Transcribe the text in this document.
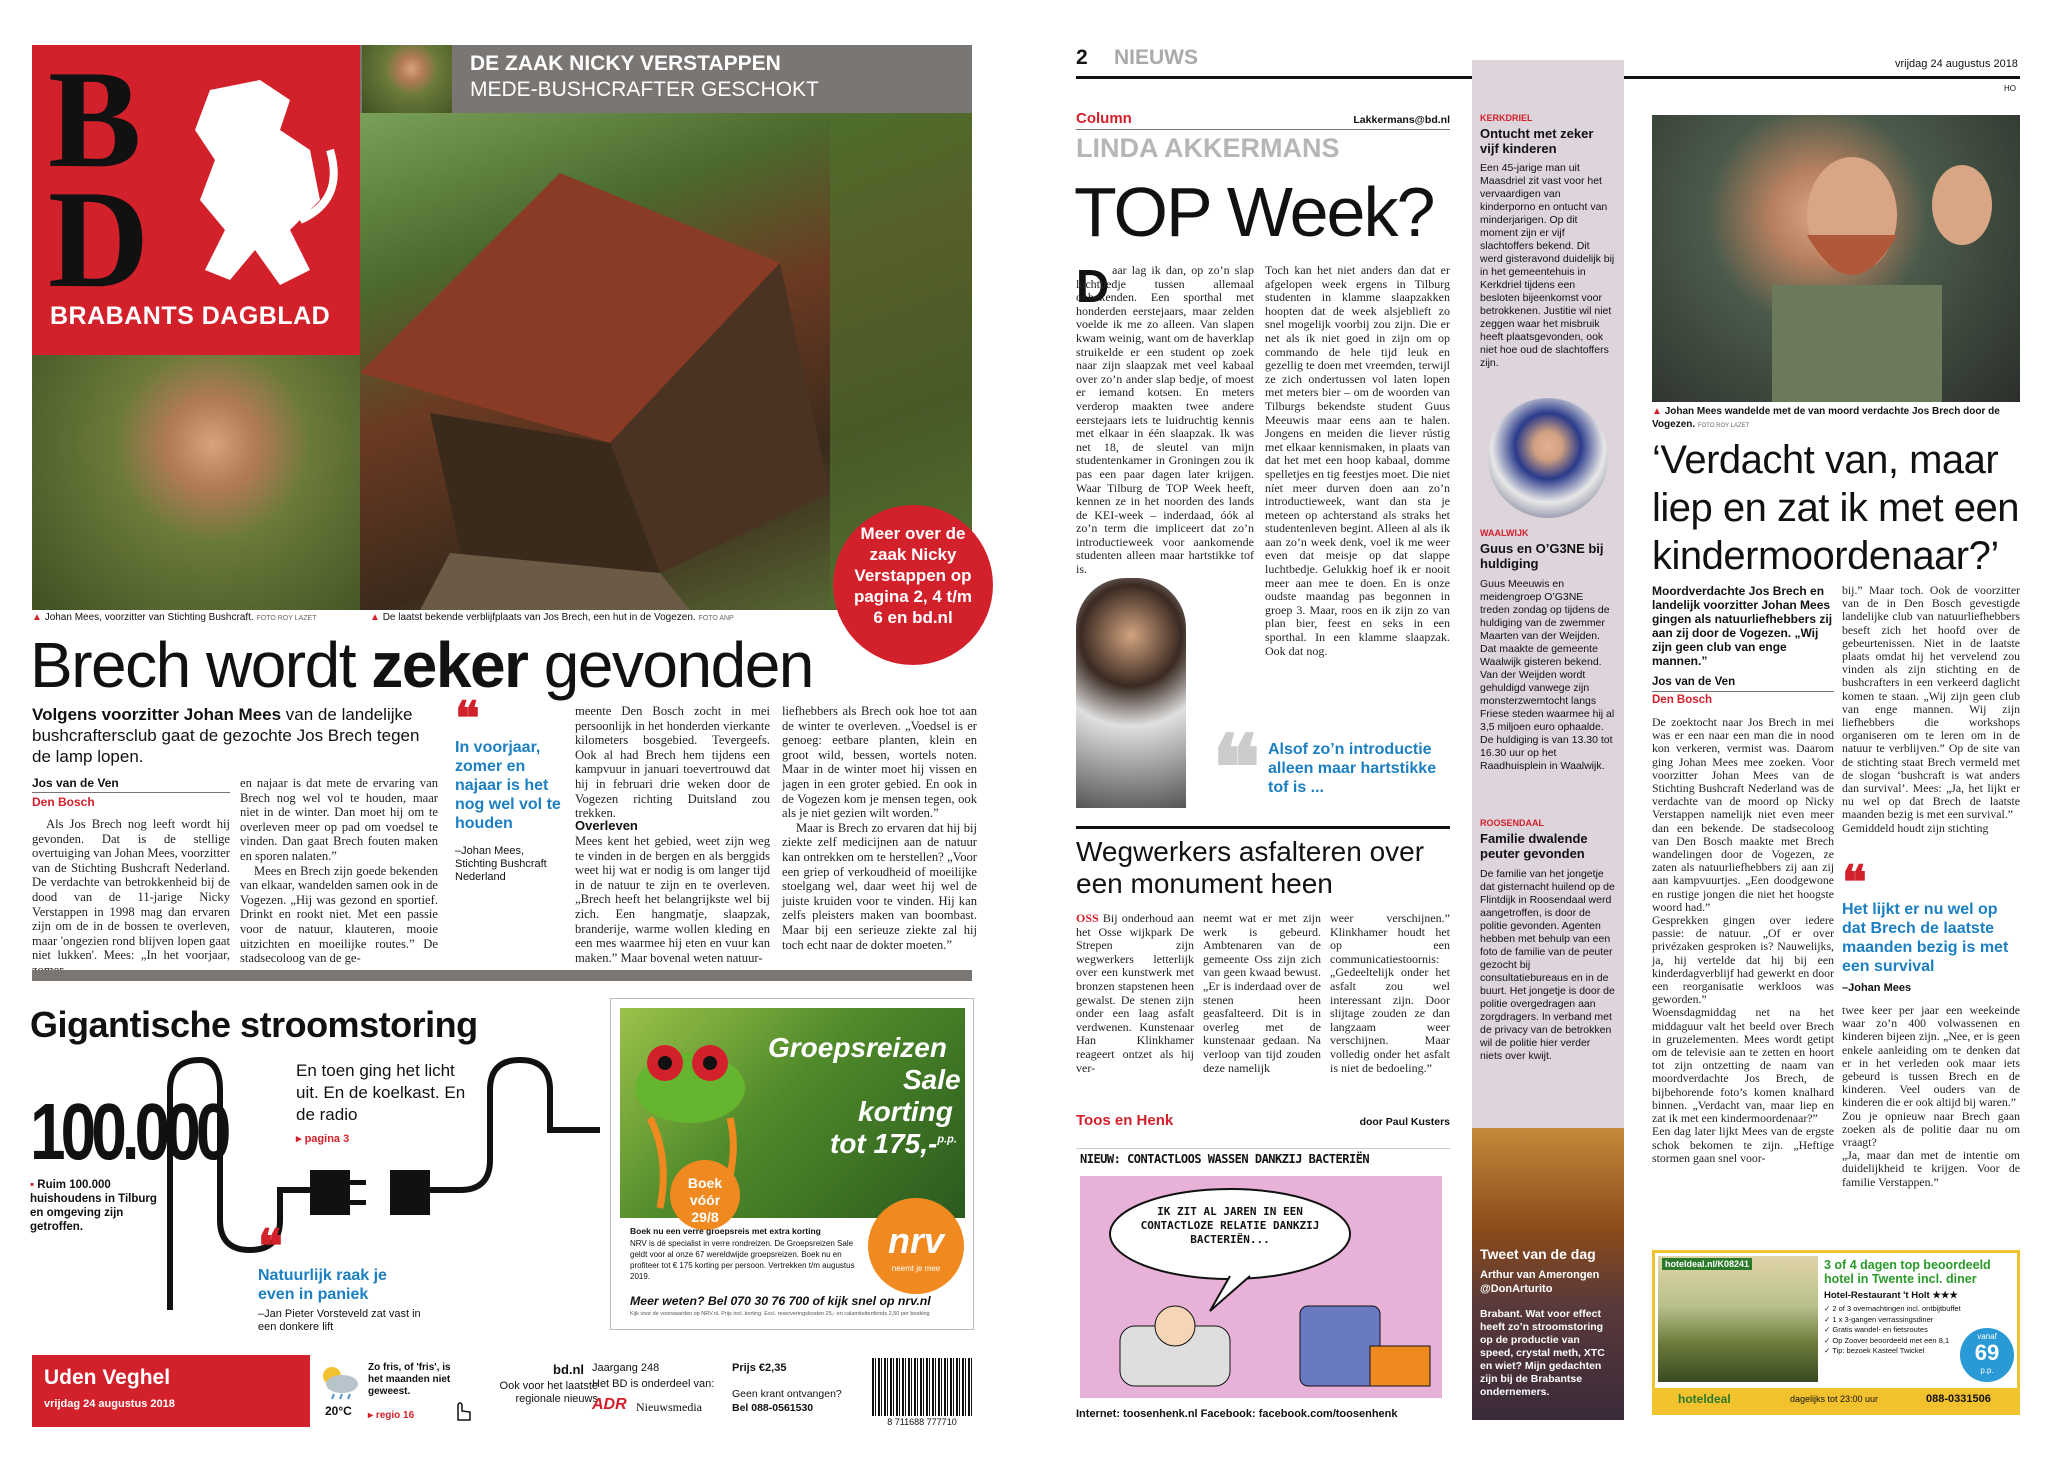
B
D
BRABANTS DAGBLAD
DE ZAAK NICKY VERSTAPPEN
MEDE-BUSHCRAFTER GESCHOKT
Meer over de zaak Nicky Verstappen op pagina 2, 4 t/m 6 en bd.nl
▲ Johan Mees, voorzitter van Stichting Bushcraft. FOTO ROY LAZET	▲ De laatst bekende verblijfplaats van Jos Brech, een hut in de Vogezen. FOTO ANP
Brech wordt zeker gevonden
Volgens voorzitter Johan Mees van de landelijke bushcraftersclub gaat de gezochte Jos Brech tegen de lamp lopen.
Jos van de Ven
Den Bosch

Als Jos Brech nog leeft wordt hij gevonden. Dat is de stellige overtuiging van Johan Mees, voorzitter van de Stichting Bushcraft Nederland. De verdachte van betrokkenheid bij de dood van de 11-jarige Nicky Verstappen in 1998 mag dan ervaren zijn om de in de bossen te overleven, maar 'ongezien rond blijven lopen gaat niet lukken'. Mees: „In het voorjaar,

en najaar is dat mete de ervaring van Brech nog wel vol te houden, maar niet in de winter. Dan moet hij om te overleven meer op pad om voedsel te vinden. Dan gaat Brech fouten maken en sporen nalaten.”

Mees en Brech zijn goede bekenden van elkaar, wandelden samen ook in de Vogezen. „Hij was gezond en sportief. Drinkt en rookt niet. Met een passie voor de natuur, klauteren, mooie uitzichten en moeilijke routes.” De stadsecoloog van de ge-

❝
In voorjaar, zomer en najaar is het nog wel vol te houden
–Johan Mees, Stichting Bushcraft Nederland

meente Den Bosch zocht in mei persoonlijk in het honderden vierkante kilometers bosgebied. Tevergeefs. Ook al had Brech hem tijdens een kampvuur in januari toevertrouwd dat hij in februari drie weken door de Vogezen richting Duitsland zou trekken.

Overleven

Mees kent het gebied, weet zijn weg te vinden in de bergen en als berggids weet hij wat er nodig is om langer tijd in de natuur te zijn en te overleven. „Brech heeft het belangrijkste wel bij zich. Een hangmatje, slaapzak, branderije, warme wollen kleding en een mes waarmee hij eten en vuur kan maken.” Maar bovenal weten natuur-

liefhebbers als Brech ook hoe tot aan de winter te overleven. „Voedsel is er genoeg: eetbare planten, klein en groot wild, bessen, wortels noten. Maar in de winter moet hij vissen en jagen in een groter gebied. En ook in de Vogezen kom je mensen tegen, ook als je niet gezien wilt worden.”

Maar is Brech zo ervaren dat hij bij ziekte zelf medicijnen aan de natuur kan ontrekken om te herstellen? „Voor een griep of verkoudheid of moeilijke stoelgang wel, daar weet hij wel de juiste kruiden voor te vinden. Hij kan zelfs pleisters maken van boombast. Maar bij een serieuze ziekte zal hij toch echt naar de dokter moeten.”

Gigantische stroomstoring
100.000
▪ Ruim 100.000 huishoudens in Tilburg en omgeving zijn getroffen.
En toen ging het licht uit. En de koelkast. En de radio
▸ pagina 3
❝
Natuurlijk raak je even in paniek
–Jan Pieter Vorsteveld zat vast in een donkere lift
Groepsreizen
Sale
korting
tot 175,-$^{p.p.}$
Boek vóór 29/8
nrv
neemt je mee
Boek nu een verre groepsreis met extra korting
NRV is dé specialist in verre rondreizen. De Groepsreizen Sale geldt voor al onze 67 wereldwijde groepsreizen. Boek nu en profiteer tot € 175 korting per persoon. Vertrekken t/m augustus 2019.
Meer weten? Bel 070 30 76 700 of kijk snel op nrv.nl
Kijk voor de voorwaarden op NRV.nl. Prijs incl. korting. Excl. reserveringskosten 25,- en calamiteitenfonds 2,50 per boeking
Uden Veghel
vrijdag 24 augustus 2018	20°C
Zo fris, of 'fris', is het maanden niet geweest.
▸ regio 16
bd.nl
Ook voor het laatste regionale nieuws
Jaargang 248
Het BD is onderdeel van:
ADR Nieuwsmedia
Prijs €2,35
Geen krant ontvangen?
Bel 088-0561530
8 711688 777710
2 NIEUWS	vrijdag 24 augustus 2018
HO
Column	Lakkermans@bd.nl
LINDA AKKERMANS
TOP Week?
D aar lag ik dan, op zo’n slap luchtbedje tussen allemaal onbekenden. Een sporthal met honderden eerstejaars, maar zelden voelde ik me zo alleen. Van slapen kwam weinig, want om de haverklap struikelde er een student op zoek naar zijn slaapzak met veel kabaal over zo’n ander slap bedje, of moest er iemand kotsen. En meters verderop maakten twee andere eerstejaars iets te luidruchtig kennis met elkaar in één slaapzak. Ik was net 18, de sleutel van mijn studentenkamer in Groningen zou ik pas een paar dagen later krijgen. Waar Tilburg de TOP Week heeft, kennen ze in het noorden des lands de KEI-week – inderdaad, óók al zo’n term die impliceert dat zo’n introductieweek voor aankomende studenten alleen maar hartstikke tof is.

Toch kan het niet anders dan dat er afgelopen week ergens in Tilburg studenten in klamme slaapzakken hoopten dat de week alsjeblieft zo snel mogelijk voorbij zou zijn. Die er net als ik niet goed in zijn om op commando de hele tijd leuk en gezellig te doen met vreemden, terwijl ze zich ondertussen vol laten lopen met meters bier – om de woorden van Tilburgs bekendste student Guus Meeuwis maar eens aan te halen. Jongens en meiden die liever rústig met elkaar kennismaken, in plaats van dat het met een hoop kabaal, domme spelletjes en tig feestjes moet. Die niet níet meer durven doen aan zo’n introductieweek, want dan sta je meteen op achterstand als straks het studentenleven begint. Alleen al als ik aan zo’n week denk, voel ik me weer even dat meisje op dat slappe luchtbedje. Gelukkig hoef ik er nooit meer aan mee te doen. En is onze oudste maandag pas begonnen in groep 3. Maar, roos en ik zijn zo van plan bier, feest en seks in een sporthal. In een klamme slaapzak. Ook dat nog.

❝ Alsof zo’n introductie alleen maar hartstikke tof is ...
Wegwerkers asfalteren over een monument heen

OSS Bij onderhoud aan het Osse wijkpark De Strepen zijn wegwerkers letterlijk over een kunstwerk met bronzen stapstenen heen gewalst. De stenen zijn onder een laag asfalt verdwenen. Kunstenaar Han Klinkhamer reageert ontzet als hij ver-

neemt wat er met zijn werk is gebeurd. Ambtenaren van de gemeente Oss zijn zich van geen kwaad bewust. „Er is inderdaad over de stenen heen geasfalteerd. Dit is in overleg met de kunstenaar gedaan. Na verloop van tijd zouden deze namelijk

weer verschijnen.” Klinkhamer houdt het op een communicatiestoornis: „Gedeeltelijk onder het asfalt zou wel interessant zijn. Door slijtage zouden ze dan langzaam weer verschijnen. Maar volledig onder het asfalt is niet de bedoeling.”

Toos en Henk	door Paul Kusters
NIEUW: CONTACTLOOS WASSEN DANKZIJ BACTERIËN
IK ZIT AL JAREN IN EEN CONTACTLOZE RELATIE DANKZIJ BACTERIËN...
Internet: toosenhenk.nl Facebook: facebook.com/toosenhenk
KERKDRIEL
Ontucht met zeker vijf kinderen
Een 45-jarige man uit Maasdriel zit vast voor het vervaardigen van kinderporno en ontucht van minderjarigen. Op dit moment zijn er vijf slachtoffers bekend. Dit werd gisteravond duidelijk bij in het gemeentehuis in Kerkdriel tijdens een besloten bijeenkomst voor betrokkenen. Justitie wil niet zeggen waar het misbruik heeft plaatsgevonden, ook niet hoe oud de slachtoffers zijn.
WAALWIJK
Guus en O’G3NE bij huldiging
Guus Meeuwis en meidengroep O’G3NE treden zondag op tijdens de huldiging van de zwemmer Maarten van der Weijden. Dat maakte de gemeente Waalwijk gisteren bekend. Van der Weijden wordt gehuldigd vanwege zijn monsterzwemtocht langs Friese steden waarmee hij al 3,5 miljoen euro ophaalde. De huldiging is van 13.30 tot 16.30 uur op het Raadhuisplein in Waalwijk.
ROOSENDAAL
Familie dwalende peuter gevonden
De familie van het jongetje dat gisternacht huilend op de Flintdijk in Roosendaal werd aangetroffen, is door de politie gevonden. Agenten hebben met behulp van een foto de familie van de peuter gezocht bij consultatiebureaus en in de buurt. Het jongetje is door de politie overgedragen aan zorgdragers. In verband met de privacy van de betrokken wil de politie hier verder niets over kwijt.
Tweet van de dag
Arthur van Amerongen @DonArturito
Brabant. Wat voor effect heeft zo’n stroomstoring op de productie van speed, crystal meth, XTC en wiet? Mijn gedachten zijn bij de Brabantse ondernemers.
▲ Johan Mees wandelde met de van moord verdachte Jos Brech door de Vogezen. FOTO ROY LAZET
‘Verdacht van, maar liep en zat ik met een kindermoordenaar?’
Moordverdachte Jos Brech en landelijk voorzitter Johan Mees gingen als natuurliefhebbers zij aan zij door de Vogezen. „Wij zijn geen club van enge mannen.”
Jos van de Ven
Den Bosch
De zoektocht naar Jos Brech in mei was er een naar een man die in nood kon verkeren, vermist was. Daarom ging Johan Mees mee zoeken. Voor voorzitter Johan Mees van de Stichting Bushcraft Nederland was de verdachte van de moord op Nicky Verstappen namelijk niet even meer dan een bekende. De stadsecoloog van Den Bosch maakte met Brech wandelingen door de Vogezen, ze zaten als natuurliefhebbers zij aan zij aan kampvuurtjes. „Een doodgewone en rustige jongen die niet het hoogste woord had.”
Gesprekken gingen over iedere passie: de natuur. „Of er over privézaken gesproken is? Nauwelijks, ja, hij vertelde dat hij bij een kinderdagverblijf had gewerkt en door een reorganisatie werkloos was geworden.”
Woensdagmiddag net na het middaguur valt het beeld over Brech in gruzelementen. Mees wordt getipt om de televisie aan te zetten en hoort tot zijn ontzetting de naam van moordverdachte Jos Brech, de bijbehorende foto’s komen knalhard binnen. „Verdacht van, maar liep en zat ik met een kindermoordenaar?”
Een dag later lijkt Mees van de ergste schok bekomen te zijn. „Heftige stormen gaan snel voor-
bij.” Maar toch. Ook de voorzitter van de in Den Bosch gevestigde landelijke club van natuurliefhebbers beseft zich het hoofd over de gebeurtenissen. Niet in de laatste plaats omdat hij het vervelend zou vinden als zijn stichting en de bushcrafters in een verkeerd daglicht komen te staan. „Wij zijn geen club van enge mannen. Wij zijn liefhebbers die workshops organiseren om te leren om in de natuur te verblijven.” Op de site van de stichting staat Brech vermeld met de slogan ‘bushcraft is wat anders dan survival’. Mees: „Ja, het lijkt er nu wel op dat Brech de laatste maanden bezig is met een survival.”
Gemiddeld houdt zijn stichting
❝
Het lijkt er nu wel op dat Brech de laatste maanden bezig is met een survival
–Johan Mees
twee keer per jaar een weekeinde waar zo’n 400 volwassenen en kinderen bijeen zijn. „Nee, er is geen enkele aanleiding om te denken dat er in het verleden ook maar iets gebeurd is tussen Brech en de kinderen. Veel ouders van de kinderen die er ook altijd bij waren.”
Zou je opnieuw naar Brech gaan zoeken als de politie daar nu om vraagt?
„Ja, maar dan met de intentie om duidelijkheid te krijgen. Voor de familie Verstappen.”
hoteldeal.nl/K08241	3 of 4 dagen top beoordeeld hotel in Twente incl. diner
Hotel-Restaurant 't Holt ★★★
✓ 2 of 3 overnachtingen incl. ontbijtbuffet
✓ 1 x 3-gangen verrassingsdiner
✓ Gratis wandel- en fietsroutes
✓ Op Zoover beoordeeld met een 8,1
✓ Tip: bezoek Kasteel Twickel
vanaf
69
p.p.
hoteldeal	dagelijks tot 23:00 uur	088-0331506
